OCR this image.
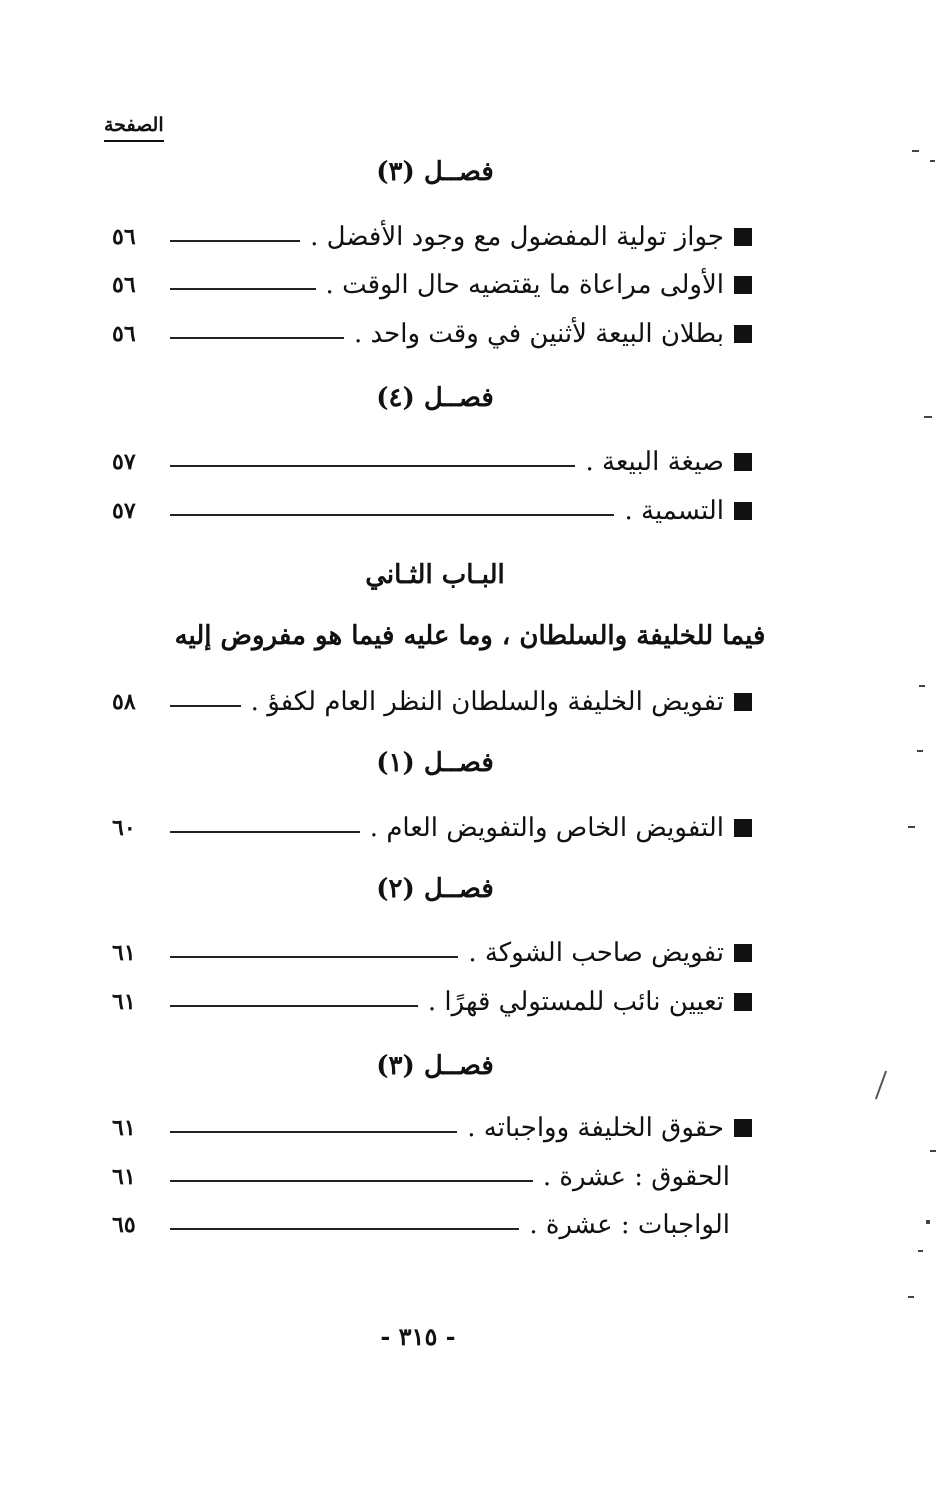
الصفحة
فصــل (٣)
جواز تولية المفضول مع وجود الأفضل .
٥٦
الأولى مراعاة ما يقتضيه حال الوقت .
٥٦
بطلان البيعة لأثنين في وقت واحد .
٥٦
فصــل (٤)
صيغة البيعة .
٥٧
التسمية .
٥٧
البـاب الثـاني
فيما للخليفة والسلطان ، وما عليه فيما هو مفروض إليه
تفويض الخليفة والسلطان النظر العام لكفؤ .
٥٨
فصــل (١)
التفويض الخاص والتفويض العام .
٦٠
فصــل (٢)
تفويض صاحب الشوكة .
٦١
تعيين نائب للمستولي قهرًا .
٦١
فصــل (٣)
حقوق الخليفة وواجباته .
٦١
الحقوق : عشرة .
٦١
الواجبات : عشرة .
٦٥
- ٣١٥ -
